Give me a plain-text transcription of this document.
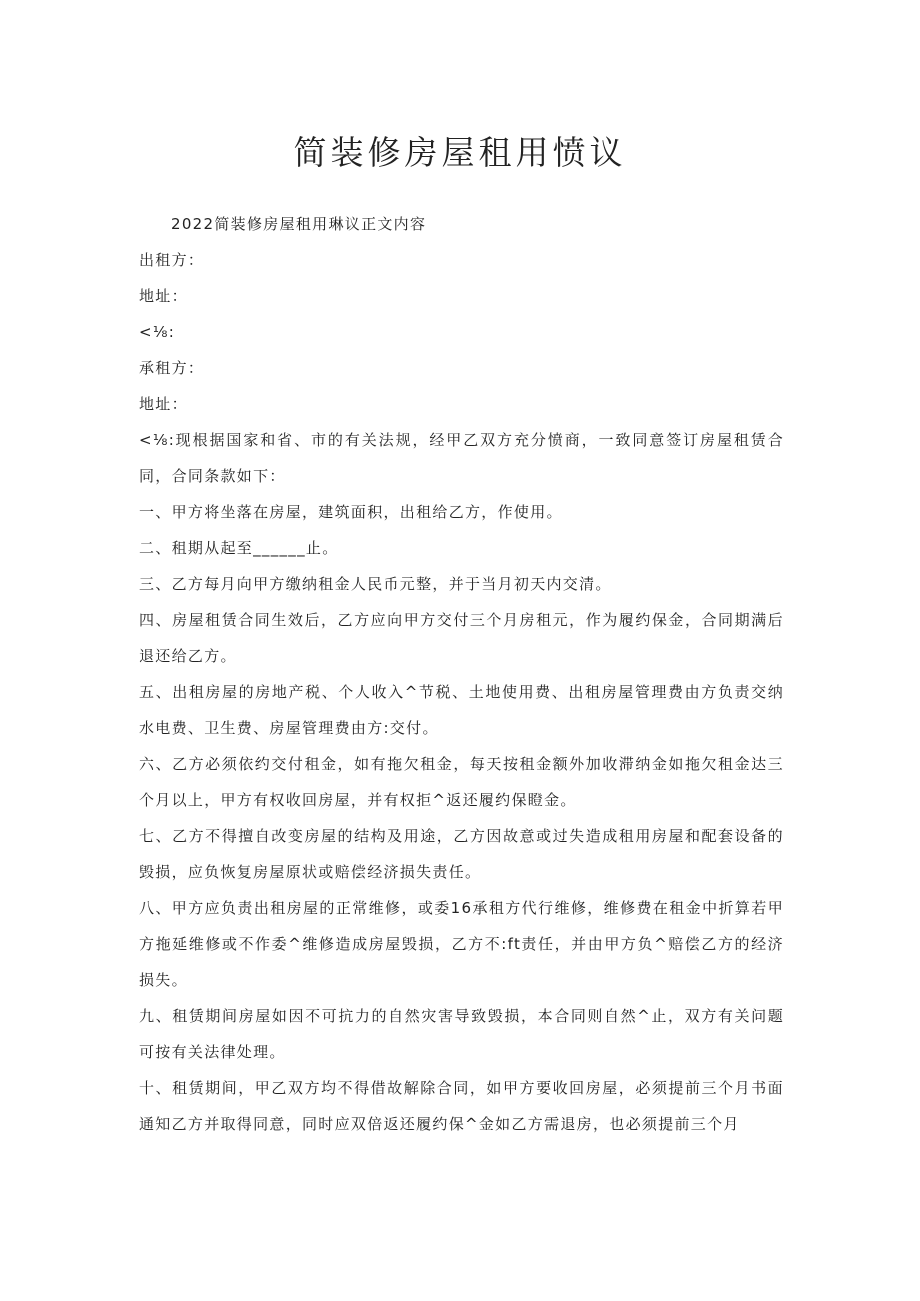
简装修房屋租用愤议

2022简装修房屋租用琳议正文内容

出租方：

地址：

<⅛:

承租方：

地址：

<⅛:现根据国家和省、市的有关法规，经甲乙双方充分愤商，一致同意签订房屋租赁合同，合同条款如下：

一、甲方将坐落在房屋，建筑面积，出租给乙方，作使用。

二、租期从起至______止。

三、乙方每月向甲方缴纳租金人民币元整，并于当月初天内交清。

四、房屋租赁合同生效后，乙方应向甲方交付三个月房租元，作为履约保金，合同期满后退还给乙方。

五、出租房屋的房地产税、个人收入^节税、土地使用费、出租房屋管理费由方负责交纳水电费、卫生费、房屋管理费由方:交付。

六、乙方必须依约交付租金，如有拖欠租金，每天按租金额外加收滞纳金如拖欠租金达三个月以上，甲方有权收回房屋，并有权拒^返还履约保瞪金。

七、乙方不得擅自改变房屋的结构及用途，乙方因故意或过失造成租用房屋和配套设备的毁损，应负恢复房屋原状或赔偿经济损失责任。

八、甲方应负责出租房屋的正常维修，或委16承租方代行维修，维修费在租金中折算若甲方拖延维修或不作委^维修造成房屋毁损，乙方不:ft责任，并由甲方负^赔偿乙方的经济损失。

九、租赁期间房屋如因不可抗力的自然灾害导致毁损，本合同则自然^止，双方有关问题可按有关法律处理。

十、租赁期间，甲乙双方均不得借故解除合同，如甲方要收回房屋，必须提前三个月书面通知乙方并取得同意，同时应双倍返还履约保^金如乙方需退房，也必须提前三个月
